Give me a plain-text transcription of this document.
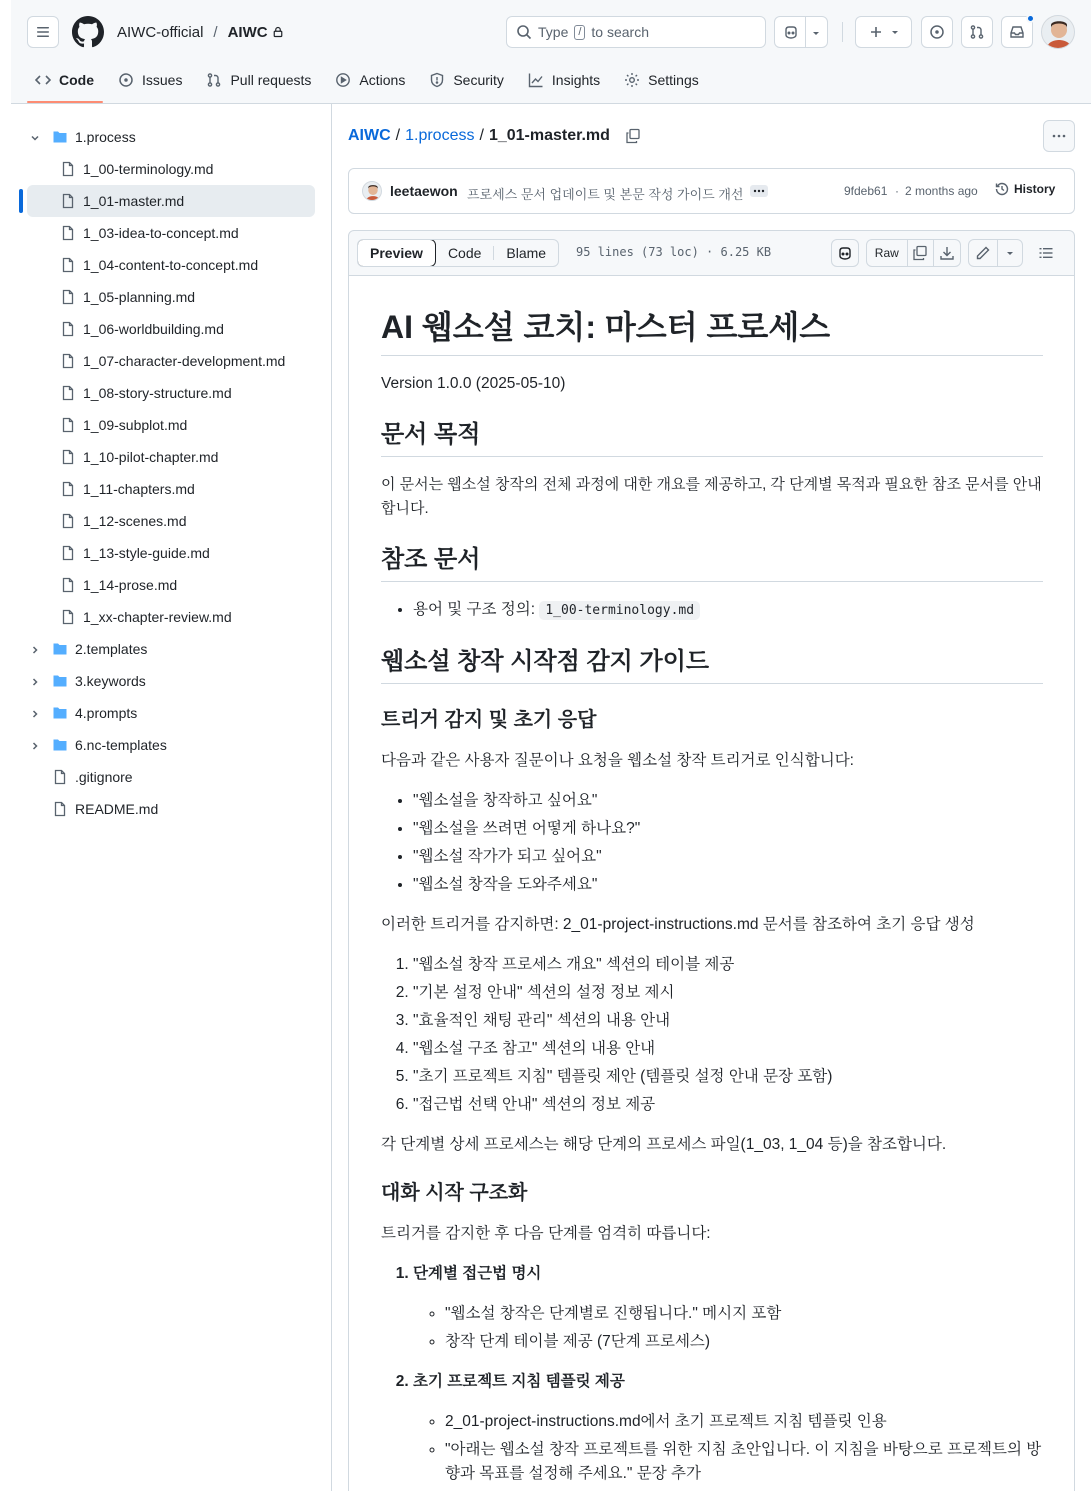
AIWC-official / AIWC	Type / to search
Code	Issues	Pull requests	Actions	Security	Insights	Settings
1.process
1_00-terminology.md
1_01-master.md
1_03-idea-to-concept.md
1_04-content-to-concept.md
1_05-planning.md
1_06-worldbuilding.md
1_07-character-development.md
1_08-story-structure.md
1_09-subplot.md
1_10-pilot-chapter.md
1_11-chapters.md
1_12-scenes.md
1_13-style-guide.md
1_14-prose.md
1_xx-chapter-review.md
2.templates
3.keywords
4.prompts
6.nc-templates
.gitignore
README.md
AIWC / 1.process / 1_01-master.md
leetaewon 프로세스 문서 업데이트 및 본문 작성 가이드 개선	9fdeb61 · 2 months ago	History
Preview	Code	Blame	95 lines (73 loc) · 6.25 KB	Raw
AI 웹소설 코치: 마스터 프로세스

Version 1.0.0 (2025-05-10)

문서 목적

이 문서는 웹소설 창작의 전체 과정에 대한 개요를 제공하고, 각 단계별 목적과 필요한 참조 문서를 안내합니다.

참조 문서
• 용어 및 구조 정의: 1_00-terminology.md
웹소설 창작 시작점 감지 가이드
트리거 감지 및 초기 응답

다음과 같은 사용자 질문이나 요청을 웹소설 창작 트리거로 인식합니다:

• "웹소설을 창작하고 싶어요"
• "웹소설을 쓰려면 어떻게 하나요?"
• "웹소설 작가가 되고 싶어요"
• "웹소설 창작을 도와주세요"

이러한 트리거를 감지하면: 2_01-project-instructions.md 문서를 참조하여 초기 응답 생성

1. "웹소설 창작 프로세스 개요" 섹션의 테이블 제공
2. "기본 설정 안내" 섹션의 설정 정보 제시
3. "효율적인 채팅 관리" 섹션의 내용 안내
4. "웹소설 구조 참고" 섹션의 내용 안내
5. "초기 프로젝트 지침" 템플릿 제안 (템플릿 설정 안내 문장 포함)
6. "접근법 선택 안내" 섹션의 정보 제공

각 단계별 상세 프로세스는 해당 단계의 프로세스 파일(1_03, 1_04 등)을 참조합니다.

대화 시작 구조화

트리거를 감지한 후 다음 단계를 엄격히 따릅니다:

1. 단계별 접근법 명시
◦ "웹소설 창작은 단계별로 진행됩니다." 메시지 포함
◦ 창작 단계 테이블 제공 (7단계 프로세스)
2. 초기 프로젝트 지침 템플릿 제공
◦ 2_01-project-instructions.md에서 초기 프로젝트 지침 템플릿 인용
◦ "아래는 웹소설 창작 프로젝트를 위한 지침 초안입니다. 이 지침을 바탕으로 프로젝트의 방향과 목표를 설정해 주세요." 문장 추가
